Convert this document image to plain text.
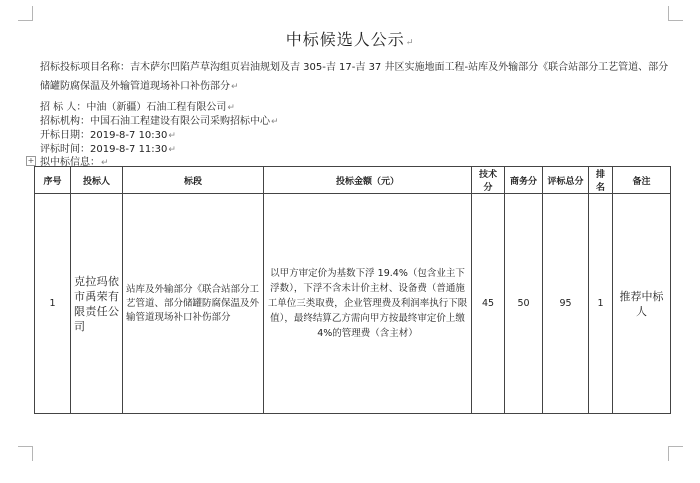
中标候选人公示↵
招标投标项目名称：吉木萨尔凹陷芦草沟组页岩油规划及吉 305-吉 17-吉 37 井区实施地面工程-站库及外输部分《联合站部分工艺管道、部分储罐防腐保温及外输管道现场补口补伤部分↵
招 标 人：中油（新疆）石油工程有限公司↵
招标机构：中国石油工程建设有限公司采购招标中心↵
开标日期：2019-8-7 10:30↵
评标时间：2019-8-7 11:30↵
+ 拟中标信息：↵
序号	投标人	标段	投标金额（元）	技术分	商务分	评标总分	排名	备注
1	克拉玛依市禹荣有限责任公司	站库及外输部分《联合站部分工艺管道、部分储罐防腐保温及外输管道现场补口补伤部分	以甲方审定价为基数下浮 19.4%（包含业主下浮数），下浮不含未计价主材、设备费（普通施工单位三类取费，企业管理费及利润率执行下限值），最终结算乙方需向甲方按最终审定价上缴 4%的管理费（含主材）	45	50	95	1	推荐中标人
